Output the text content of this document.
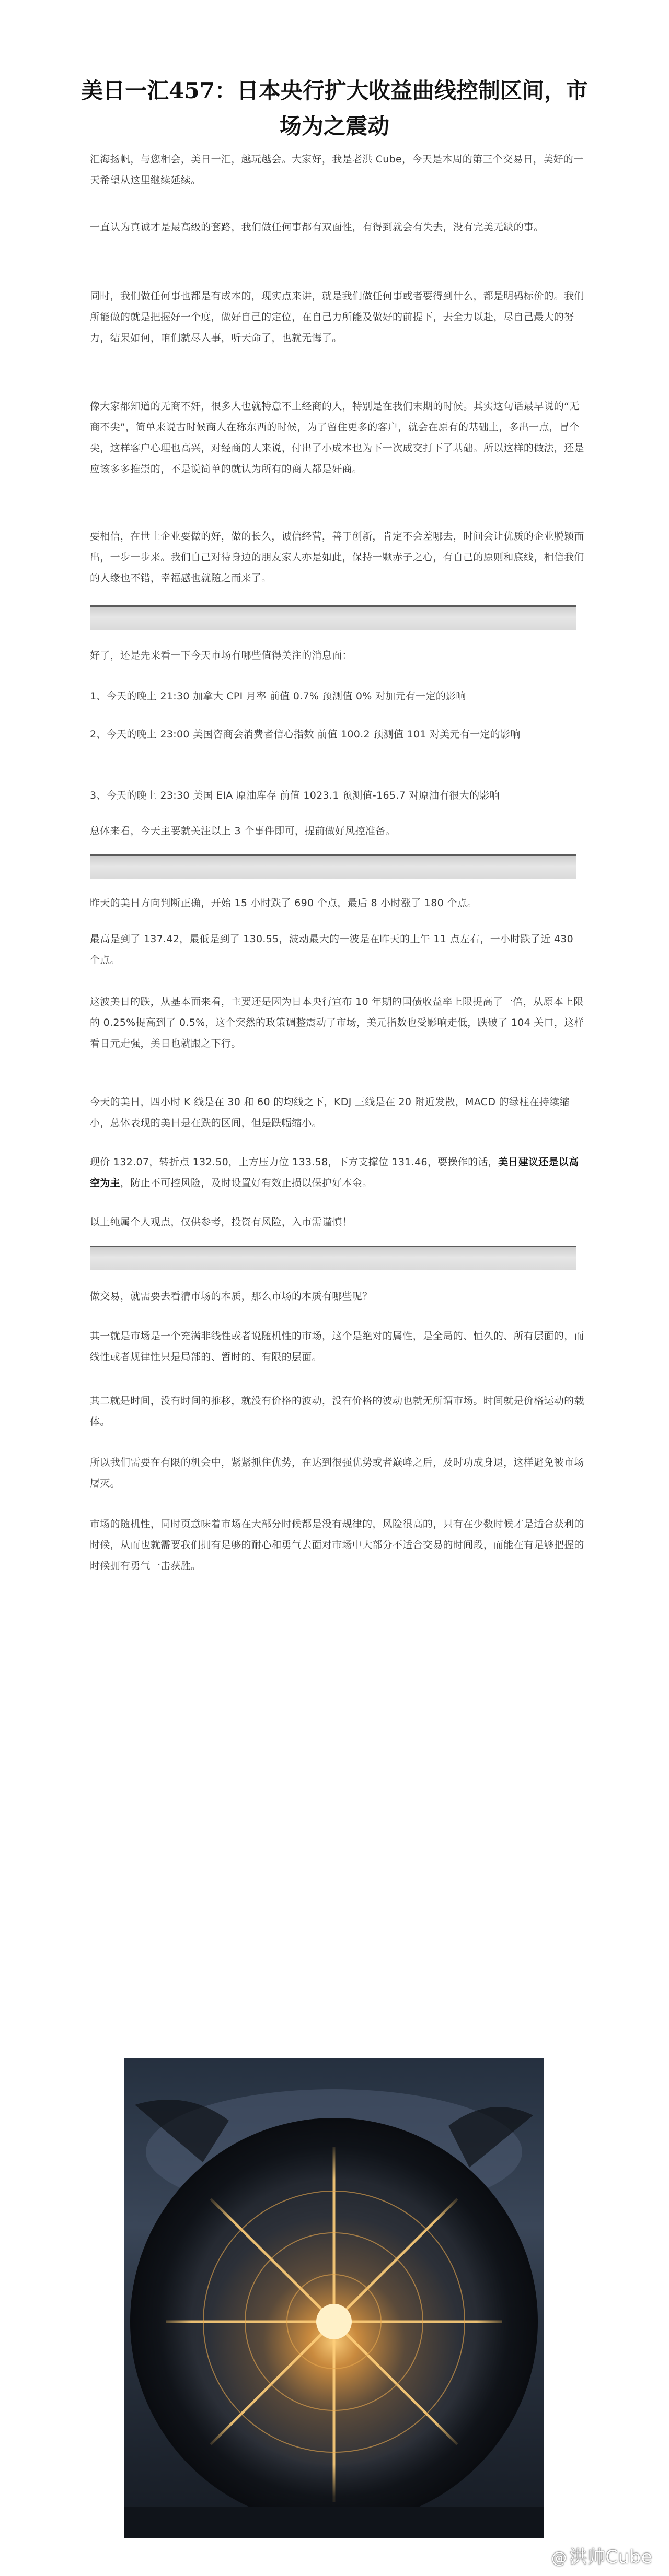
美日一汇457：日本央行扩大收益曲线控制区间，市场为之震动

汇海扬帆，与您相会，美日一汇，越玩越会。大家好，我是老洪 Cube，今天是本周的第三个交易日，美好的一天希望从这里继续延续。

一直认为真诚才是最高级的套路，我们做任何事都有双面性，有得到就会有失去，没有完美无缺的事。

同时，我们做任何事也都是有成本的，现实点来讲，就是我们做任何事或者要得到什么，都是明码标价的。我们所能做的就是把握好一个度，做好自己的定位，在自己力所能及做好的前提下，去全力以赴，尽自己最大的努力，结果如何，咱们就尽人事，听天命了，也就无悔了。

像大家都知道的无商不奸，很多人也就特意不上经商的人，特别是在我们末期的时候。其实这句话最早说的“无商不尖”，简单来说古时候商人在称东西的时候，为了留住更多的客户，就会在原有的基础上，多出一点，冒个尖，这样客户心理也高兴，对经商的人来说，付出了小成本也为下一次成交打下了基础。所以这样的做法，还是应该多多推崇的，不是说简单的就认为所有的商人都是奸商。

要相信，在世上企业要做的好，做的长久，诚信经营，善于创新，肯定不会差哪去，时间会让优质的企业脱颖而出，一步一步来。我们自己对待身边的朋友家人亦是如此，保持一颗赤子之心，有自己的原则和底线，相信我们的人缘也不错，幸福感也就随之而来了。

好了，还是先来看一下今天市场有哪些值得关注的消息面：

1、今天的晚上 21:30 加拿大 CPI 月率 前值 0.7% 预测值 0% 对加元有一定的影响

2、今天的晚上 23:00 美国咨商会消费者信心指数 前值 100.2 预测值 101 对美元有一定的影响

3、今天的晚上 23:30 美国 EIA 原油库存 前值 1023.1 预测值-165.7 对原油有很大的影响

总体来看，今天主要就关注以上 3 个事件即可，提前做好风控准备。

昨天的美日方向判断正确，开始 15 小时跌了 690 个点，最后 8 小时涨了 180 个点。

最高是到了 137.42，最低是到了 130.55，波动最大的一波是在昨天的上午 11 点左右，一小时跌了近 430 个点。

这波美日的跌，从基本面来看，主要还是因为日本央行宣布 10 年期的国债收益率上限提高了一倍，从原本上限的 0.25%提高到了 0.5%，这个突然的政策调整震动了市场，美元指数也受影响走低，跌破了 104 关口，这样看日元走强，美日也就跟之下行。

今天的美日，四小时 K 线是在 30 和 60 的均线之下，KDJ 三线是在 20 附近发散，MACD 的绿柱在持续缩小，总体表现的美日是在跌的区间，但是跌幅缩小。

现价 132.07，转折点 132.50，上方压力位 133.58，下方支撑位 131.46，要操作的话，美日建议还是以高空为主，防止不可控风险，及时设置好有效止损以保护好本金。

以上纯属个人观点，仅供参考，投资有风险，入市需谨慎！

做交易，就需要去看清市场的本质，那么市场的本质有哪些呢？

其一就是市场是一个充满非线性或者说随机性的市场，这个是绝对的属性，是全局的、恒久的、所有层面的，而线性或者规律性只是局部的、暂时的、有限的层面。

其二就是时间，没有时间的推移，就没有价格的波动，没有价格的波动也就无所谓市场。时间就是价格运动的载体。

所以我们需要在有限的机会中，紧紧抓住优势，在达到很强优势或者巅峰之后，及时功成身退，这样避免被市场屠灭。

市场的随机性，同时页意味着市场在大部分时候都是没有规律的，风险很高的，只有在少数时候才是适合获利的时候，从而也就需要我们拥有足够的耐心和勇气去面对市场中大部分不适合交易的时间段，而能在有足够把握的时候拥有勇气一击获胜。

@ 洪帅Cube
